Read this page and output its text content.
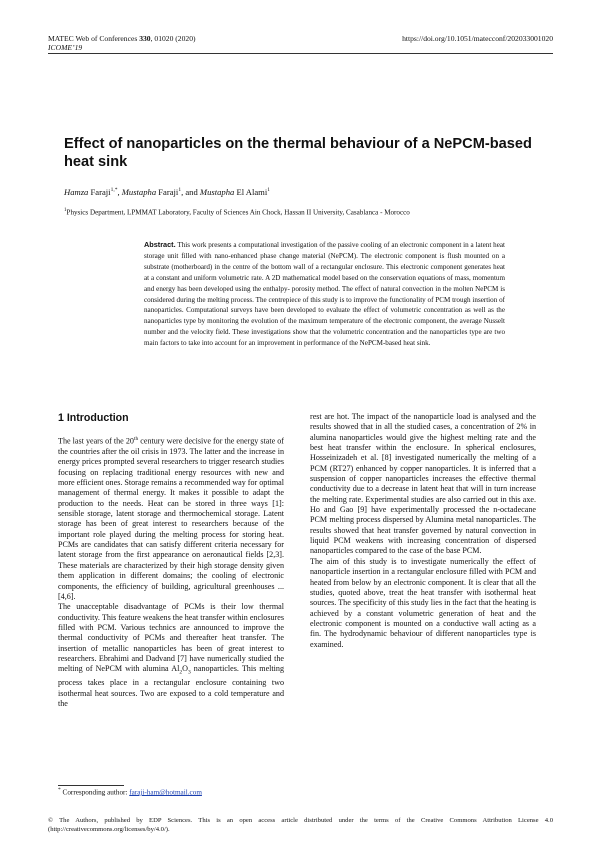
MATEC Web of Conferences 330, 01020 (2020)
ICOME’19
https://doi.org/10.1051/matecconf/202033001020
Effect of nanoparticles on the thermal behaviour of a NePCM-based heat sink
Hamza Faraji$^{1,*}$, Mustapha Faraji$^1$, and Mustapha El Alami$^1$
$^1$Physics Department, LPMMAT Laboratory, Faculty of Sciences Ain Chock, Hassan II University, Casablanca - Morocco
Abstract. This work presents a computational investigation of the passive cooling of an electronic component in a latent heat storage unit filled with nano-enhanced phase change material (NePCM). The electronic component is flush mounted on a substrate (motherboard) in the centre of the bottom wall of a rectangular enclosure. This electronic component generates heat at a constant and uniform volumetric rate. A 2D mathematical model based on the conservation equations of mass, momentum and energy has been developed using the enthalpy- porosity method. The effect of natural convection in the molten NePCM is considered during the melting process. The centrepiece of this study is to improve the functionality of PCM trough insertion of nanoparticles. Computational surveys have been developed to evaluate the effect of volumetric concentration as well as the nanoparticles type by monitoring the evolution of the maximum temperature of the electronic component, the average Nusselt number and the velocity field. These investigations show that the volumetric concentration and the nanoparticles type are two main factors to take into account for an improvement in performance of the NePCM-based heat sink.
1 Introduction

The last years of the 20th century were decisive for the energy state of the countries after the oil crisis in 1973. The latter and the increase in energy prices prompted several researchers to trigger research studies focusing on replacing traditional energy resources with new and more efficient ones. Storage remains a recommended way for optimal management of thermal energy. It makes it possible to adapt the production to the needs. Heat can be stored in three ways [1]: sensible storage, latent storage and thermochemical storage. Latent storage has been of great interest to researchers because of the important role played during the melting process for storing heat. PCMs are candidates that can satisfy different criteria necessary for latent storage from the first appearance on aeronautical fields [2,3]. These materials are characterized by their high storage density given them application in different domains; the cooling of electronic components, the efficiency of building, agricultural greenhouses ... [4,6].

The unacceptable disadvantage of PCMs is their low thermal conductivity. This feature weakens the heat transfer within enclosures filled with PCM. Various technics are announced to improve the thermal conductivity of PCMs and thereafter heat transfer. The insertion of metallic nanoparticles has been of great interest to researchers. Ebrahimi and Dadvand [7] have numerically studied the melting of NePCM with alumina $Al_2O_3$ nanoparticles. This melting process takes place in a rectangular enclosure containing two isothermal heat sources. Two are exposed to a cold temperature and the

rest are hot. The impact of the nanoparticle load is analysed and the results showed that in all the studied cases, a concentration of 2% in alumina nanoparticles would give the highest melting rate and the best heat transfer within the enclosure. In spherical enclosures, Hosseinizadeh et al. [8] investigated numerically the melting of a PCM (RT27) enhanced by copper nanoparticles. It is inferred that a suspension of copper nanoparticles increases the effective thermal conductivity due to a decrease in latent heat that will in turn increase the melting rate. Experimental studies are also carried out in this axe. Ho and Gao [9] have experimentally processed the n-octadecane PCM melting process dispersed by Alumina metal nanoparticles. The results showed that heat transfer governed by natural convection in liquid PCM weakens with increasing concentration of dispersed nanoparticles compared to the case of the base PCM.

The aim of this study is to investigate numerically the effect of nanoparticle insertion in a rectangular enclosure filled with PCM and heated from below by an electronic component. It is clear that all the studies, quoted above, treat the heat transfer with isothermal heat sources. The specificity of this study lies in the fact that the heating is achieved by a constant volumetric generation of heat and the electronic component is mounted on a conductive wall acting as a fin. The hydrodynamic behaviour of different nanoparticles type is examined.

* Corresponding author: faraji-ham@hotmail.com
© The Authors, published by EDP Sciences. This is an open access article distributed under the terms of the Creative Commons Attribution License 4.0 (http://creativecommons.org/licenses/by/4.0/).
